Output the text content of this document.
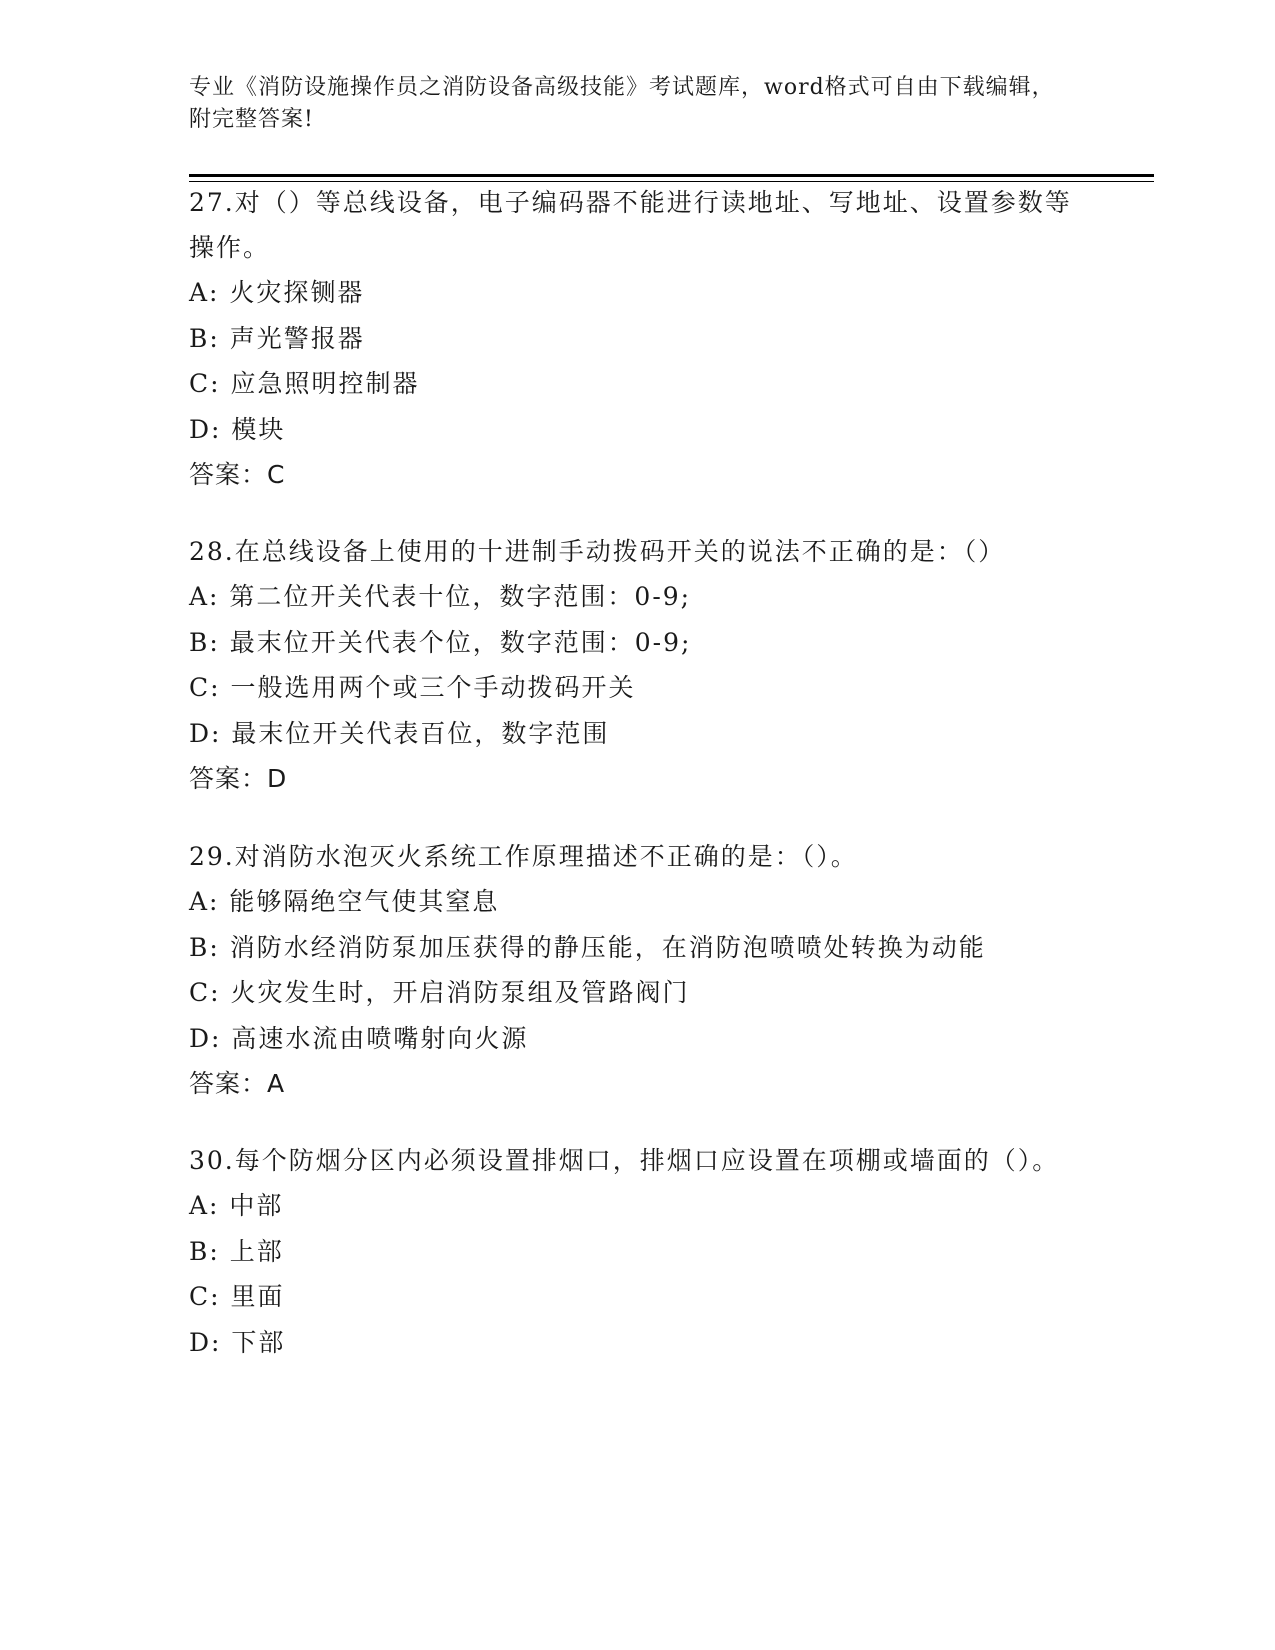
专业《消防设施操作员之消防设备高级技能》考试题库，word格式可自由下载编辑，附完整答案!

27.对（）等总线设备，电子编码器不能进行读地址、写地址、设置参数等操作。

A: 火灾探铡器

B: 声光警报器

C: 应急照明控制器

D: 模块

答案：C

28.在总线设备上使用的十进制手动拨码开关的说法不正确的是：（）

A: 第二位开关代表十位，数字范围：0-9;

B: 最末位开关代表个位，数字范围：0-9;

C: 一般选用两个或三个手动拨码开关

D: 最末位开关代表百位，数字范围

答案：D

29.对消防水泡灭火系统工作原理描述不正确的是：（）。

A: 能够隔绝空气使其窒息

B: 消防水经消防泵加压获得的静压能，在消防泡喷喷处转换为动能

C: 火灾发生时，开启消防泵组及管路阀门

D: 高速水流由喷嘴射向火源

答案：A

30.每个防烟分区内必须设置排烟口，排烟口应设置在项棚或墙面的（）。

A: 中部

B: 上部

C: 里面

D: 下部
